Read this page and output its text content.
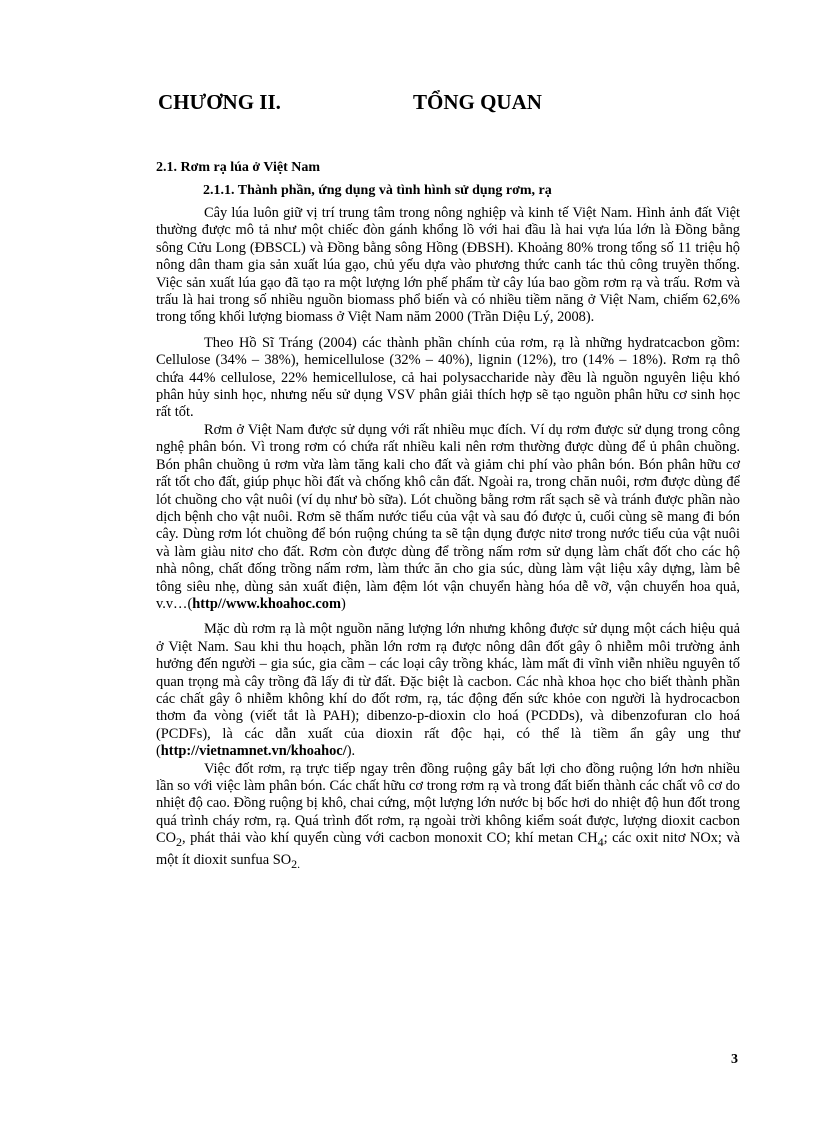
CHƯƠNG II.	TỔNG QUAN
2.1. Rơm rạ lúa ở Việt Nam
2.1.1. Thành phần, ứng dụng và tình hình sử dụng rơm, rạ

Cây lúa luôn giữ vị trí trung tâm trong nông nghiệp và kinh tế Việt Nam. Hình ảnh đất Việt thường được mô tả như một chiếc đòn gánh khổng lồ với hai đầu là hai vựa lúa lớn là Đồng bằng sông Cửu Long (ĐBSCL) và Đồng bằng sông Hồng (ĐBSH). Khoảng 80% trong tổng số 11 triệu hộ nông dân tham gia sản xuất lúa gạo, chủ yếu dựa vào phương thức canh tác thủ công truyền thống. Việc sản xuất lúa gạo đã tạo ra một lượng lớn phế phẩm từ cây lúa bao gồm rơm rạ và trấu. Rơm và trấu là hai trong số nhiều nguồn biomass phổ biến và có nhiều tiềm năng ở Việt Nam, chiếm 62,6% trong tổng khối lượng biomass ở Việt Nam năm 2000 (Trần Diệu Lý, 2008).

Theo Hồ Sĩ Tráng (2004) các thành phần chính của rơm, rạ là những hydratcacbon gồm: Cellulose (34% – 38%), hemicellulose (32% – 40%), lignin (12%), tro (14% – 18%). Rơm rạ thô chứa 44% cellulose, 22% hemicellulose, cả hai polysaccharide này đều là nguồn nguyên liệu khó phân hủy sinh học, nhưng nếu sử dụng VSV phân giải thích hợp sẽ tạo nguồn phân hữu cơ sinh học rất tốt.

Rơm ở Việt Nam được sử dụng với rất nhiều mục đích. Ví dụ rơm được sử dụng trong công nghệ phân bón. Vì trong rơm có chứa rất nhiều kali nên rơm thường được dùng để ủ phân chuồng. Bón phân chuồng ủ rơm vừa làm tăng kali cho đất và giảm chi phí vào phân bón. Bón phân hữu cơ rất tốt cho đất, giúp phục hồi đất và chống khô cằn đất. Ngoài ra, trong chăn nuôi, rơm được dùng để lót chuồng cho vật nuôi (ví dụ như bò sữa). Lót chuồng bằng rơm rất sạch sẽ và tránh được phần nào dịch bệnh cho vật nuôi. Rơm sẽ thấm nước tiểu của vật và sau đó được ủ, cuối cùng sẽ mang đi bón cây. Dùng rơm lót chuồng để bón ruộng chúng ta sẽ tận dụng được nitơ trong nước tiểu của vật nuôi và làm giàu nitơ cho đất. Rơm còn được dùng để trồng nấm rơm sử dụng làm chất đốt cho các hộ nhà nông, chất đống trồng nấm rơm, làm thức ăn cho gia súc, dùng làm vật liệu xây dựng, làm bê tông siêu nhẹ, dùng sản xuất điện, làm đệm lót vận chuyển hàng hóa dễ vỡ, vận chuyển hoa quả, v.v…(http//www.khoahoc.com)

Mặc dù rơm rạ là một nguồn năng lượng lớn nhưng không được sử dụng một cách hiệu quả ở Việt Nam. Sau khi thu hoạch, phần lớn rơm rạ được nông dân đốt gây ô nhiễm môi trường ảnh hưởng đến người – gia súc, gia cầm – các loại cây trồng khác, làm mất đi vĩnh viễn nhiều nguyên tố quan trọng mà cây trồng đã lấy đi từ đất. Đặc biệt là cacbon. Các nhà khoa học cho biết thành phần các chất gây ô nhiễm không khí do đốt rơm, rạ, tác động đến sức khỏe con người là hydrocacbon thơm đa vòng (viết tắt là PAH); dibenzo-p-dioxin clo hoá (PCDDs), và dibenzofuran clo hoá (PCDFs), là các dẫn xuất của dioxin rất độc hại, có thể là tiềm ẩn gây ung thư (http://vietnamnet.vn/khoahoc/).

Việc đốt rơm, rạ trực tiếp ngay trên đồng ruộng gây bất lợi cho đồng ruộng lớn hơn nhiều lần so với việc làm phân bón. Các chất hữu cơ trong rơm rạ và trong đất biến thành các chất vô cơ do nhiệt độ cao. Đồng ruộng bị khô, chai cứng, một lượng lớn nước bị bốc hơi do nhiệt độ hun đốt trong quá trình cháy rơm, rạ. Quá trình đốt rơm, rạ ngoài trời không kiểm soát được, lượng dioxit cacbon $CO_2$, phát thải vào khí quyển cùng với cacbon monoxit CO; khí metan $CH_4$; các oxit nitơ NOx; và một ít dioxit sunfua $SO_{2.}$

3
